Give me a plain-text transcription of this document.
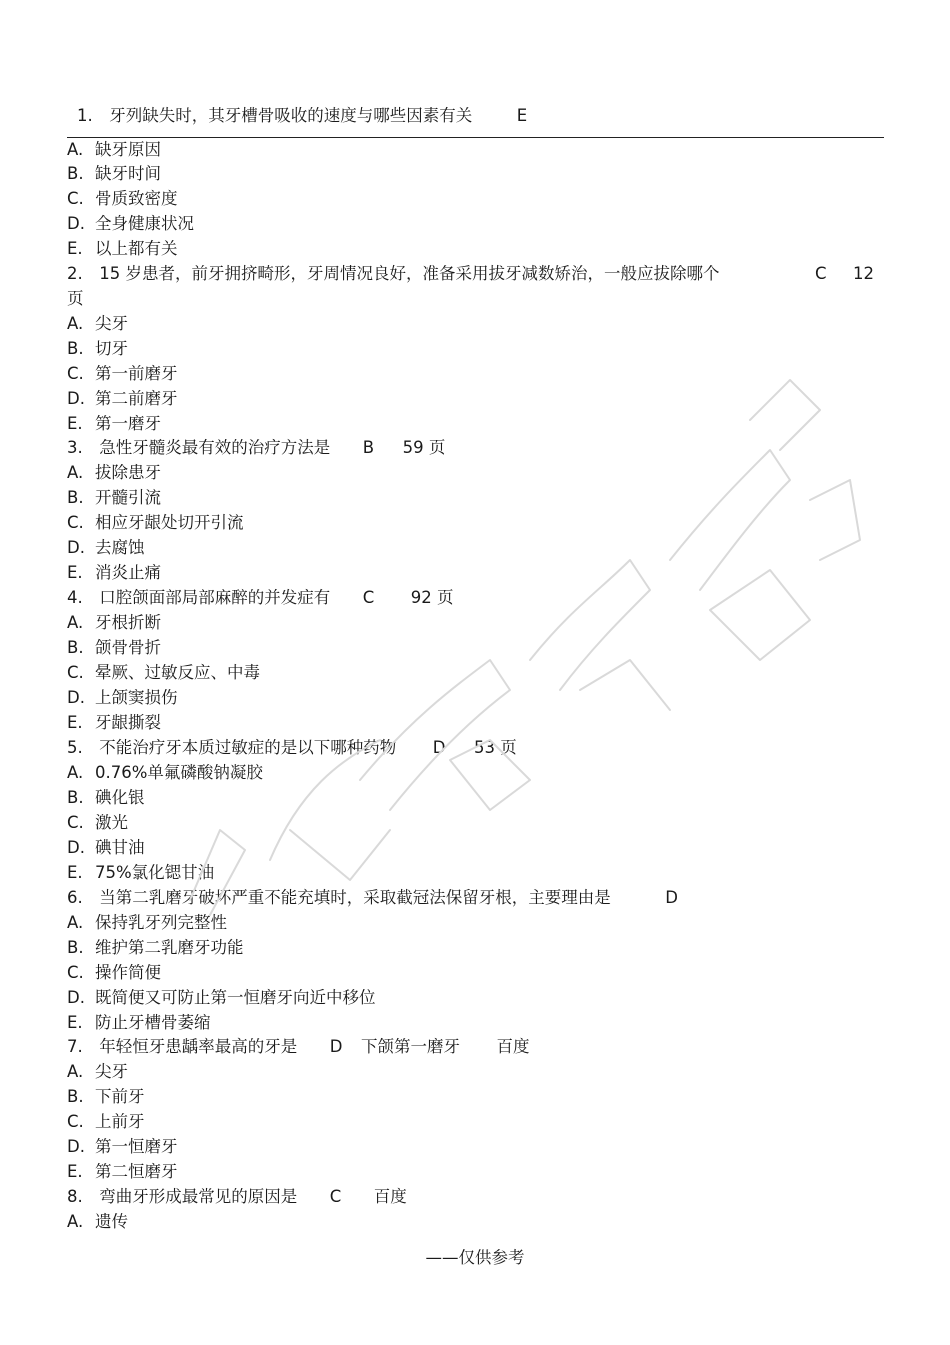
1. 牙列缺失时，其牙槽骨吸收的速度与哪些因素有关	E
A. 缺牙原因
B. 缺牙时间
C. 骨质致密度
D. 全身健康状况
E. 以上都有关
2. 15 岁患者，前牙拥挤畸形，牙周情况良好，准备采用拔牙减数矫治，一般应拔除哪个	C 12
页
A. 尖牙
B. 切牙
C. 第一前磨牙
D. 第二前磨牙
E. 第一磨牙
3. 急性牙髓炎最有效的治疗方法是 B 59 页
A. 拔除患牙
B. 开髓引流
C. 相应牙龈处切开引流
D. 去腐蚀
E. 消炎止痛
4. 口腔颌面部局部麻醉的并发症有 C 92 页
A. 牙根折断
B. 颌骨骨折
C. 晕厥、过敏反应、中毒
D. 上颌窦损伤
E. 牙龈撕裂
5. 不能治疗牙本质过敏症的是以下哪种药物 D 53 页
A. 0.76%单氟磷酸钠凝胶
B. 碘化银
C. 激光
D. 碘甘油
E. 75%氯化锶甘油
6. 当第二乳磨牙破坏严重不能充填时，采取截冠法保留牙根，主要理由是	D
A. 保持乳牙列完整性
B. 维护第二乳磨牙功能
C. 操作简便
D. 既简便又可防止第一恒磨牙向近中移位
E. 防止牙槽骨萎缩
7. 年轻恒牙患龋率最高的牙是 D 下颌第一磨牙 百度
A. 尖牙
B. 下前牙
C. 上前牙
D. 第一恒磨牙
E. 第二恒磨牙
8. 弯曲牙形成最常见的原因是 C 百度
A. 遗传
——仅供参考
